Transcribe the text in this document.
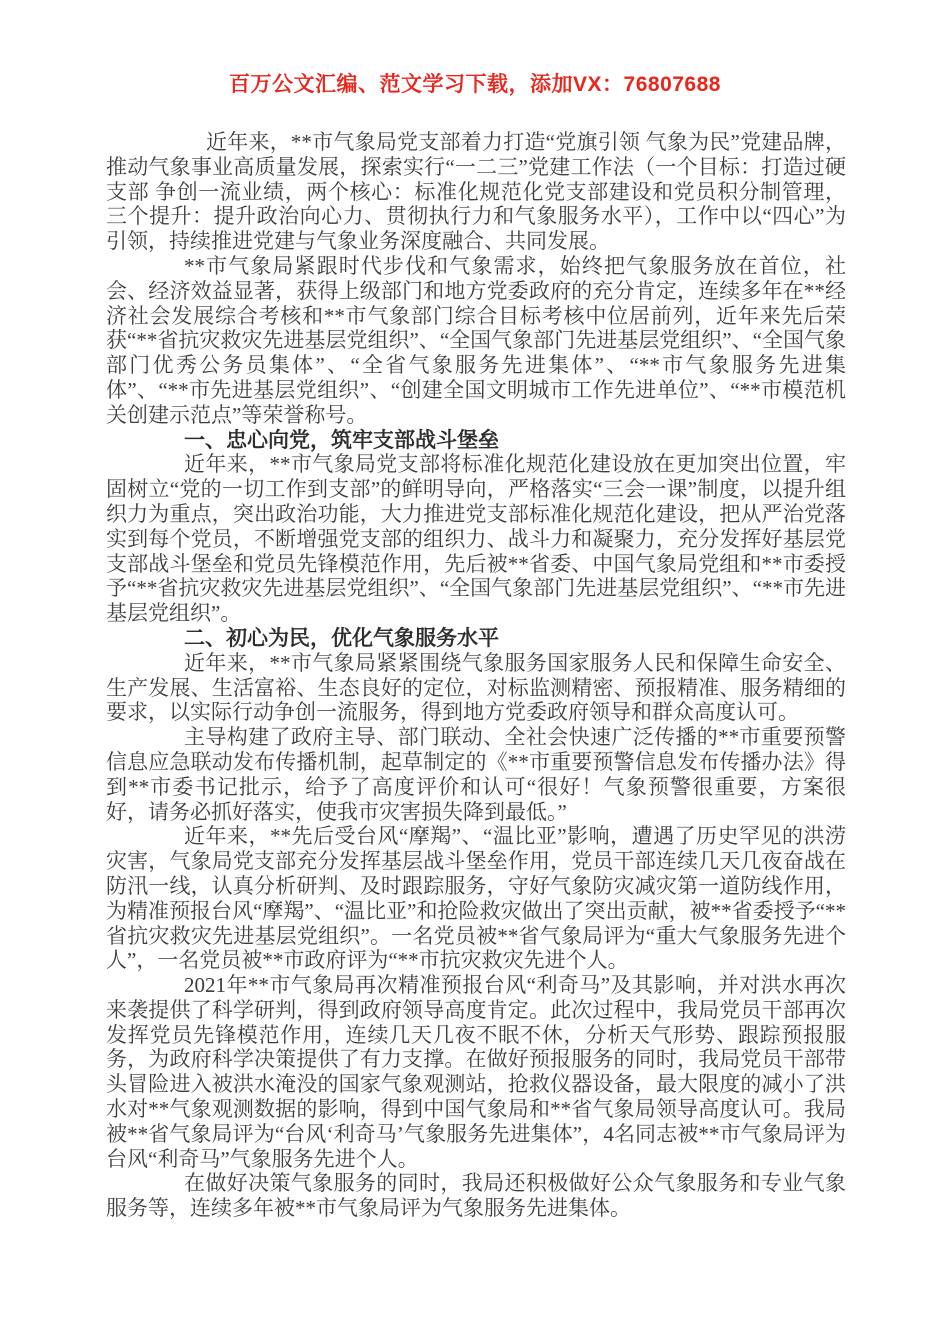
百万公文汇编、范文学习下载，添加VX：76807688

近年来，**市气象局党支部着力打造“党旗引领 气象为民”党建品牌，推动气象事业高质量发展，探索实行“一二三”党建工作法（一个目标：打造过硬支部 争创一流业绩，两个核心：标准化规范化党支部建设和党员积分制管理，三个提升：提升政治向心力、贯彻执行力和气象服务水平），工作中以“四心”为引领，持续推进党建与气象业务深度融合、共同发展。

**市气象局紧跟时代步伐和气象需求，始终把气象服务放在首位，社会、经济效益显著，获得上级部门和地方党委政府的充分肯定，连续多年在**经济社会发展综合考核和**市气象部门综合目标考核中位居前列，近年来先后荣获“**省抗灾救灾先进基层党组织”、“全国气象部门先进基层党组织”、“全国气象部门优秀公务员集体”、“全省气象服务先进集体”、“**市气象服务先进集体”、“**市先进基层党组织”、“创建全国文明城市工作先进单位”、“**市模范机关创建示范点”等荣誉称号。

一、忠心向党，筑牢支部战斗堡垒

近年来，**市气象局党支部将标准化规范化建设放在更加突出位置，牢固树立“党的一切工作到支部”的鲜明导向，严格落实“三会一课”制度，以提升组织力为重点，突出政治功能，大力推进党支部标准化规范化建设，把从严治党落实到每个党员，不断增强党支部的组织力、战斗力和凝聚力，充分发挥好基层党支部战斗堡垒和党员先锋模范作用，先后被**省委、中国气象局党组和**市委授予“**省抗灾救灾先进基层党组织”、“全国气象部门先进基层党组织”、“**市先进基层党组织”。

二、初心为民，优化气象服务水平

近年来，**市气象局紧紧围绕气象服务国家服务人民和保障生命安全、生产发展、生活富裕、生态良好的定位，对标监测精密、预报精准、服务精细的要求，以实际行动争创一流服务，得到地方党委政府领导和群众高度认可。

主导构建了政府主导、部门联动、全社会快速广泛传播的**市重要预警信息应急联动发布传播机制，起草制定的《**市重要预警信息发布传播办法》得到**市委书记批示，给予了高度评价和认可“很好！气象预警很重要，方案很好，请务必抓好落实，使我市灾害损失降到最低。”

近年来，**先后受台风“摩羯”、“温比亚”影响，遭遇了历史罕见的洪涝灾害，气象局党支部充分发挥基层战斗堡垒作用，党员干部连续几天几夜奋战在防汛一线，认真分析研判、及时跟踪服务，守好气象防灾减灾第一道防线作用，为精准预报台风“摩羯”、“温比亚”和抢险救灾做出了突出贡献，被**省委授予“**省抗灾救灾先进基层党组织”。一名党员被**省气象局评为“重大气象服务先进个人”，一名党员被**市政府评为“**市抗灾救灾先进个人。

2021年**市气象局再次精准预报台风“利奇马”及其影响，并对洪水再次来袭提供了科学研判，得到政府领导高度肯定。此次过程中，我局党员干部再次发挥党员先锋模范作用，连续几天几夜不眠不休，分析天气形势、跟踪预报服务，为政府科学决策提供了有力支撑。在做好预报服务的同时，我局党员干部带头冒险进入被洪水淹没的国家气象观测站，抢救仪器设备，最大限度的减小了洪水对**气象观测数据的影响，得到中国气象局和**省气象局领导高度认可。我局被**省气象局评为“台风‘利奇马’气象服务先进集体”，4名同志被**市气象局评为台风“利奇马”气象服务先进个人。

在做好决策气象服务的同时，我局还积极做好公众气象服务和专业气象服务等，连续多年被**市气象局评为气象服务先进集体。
